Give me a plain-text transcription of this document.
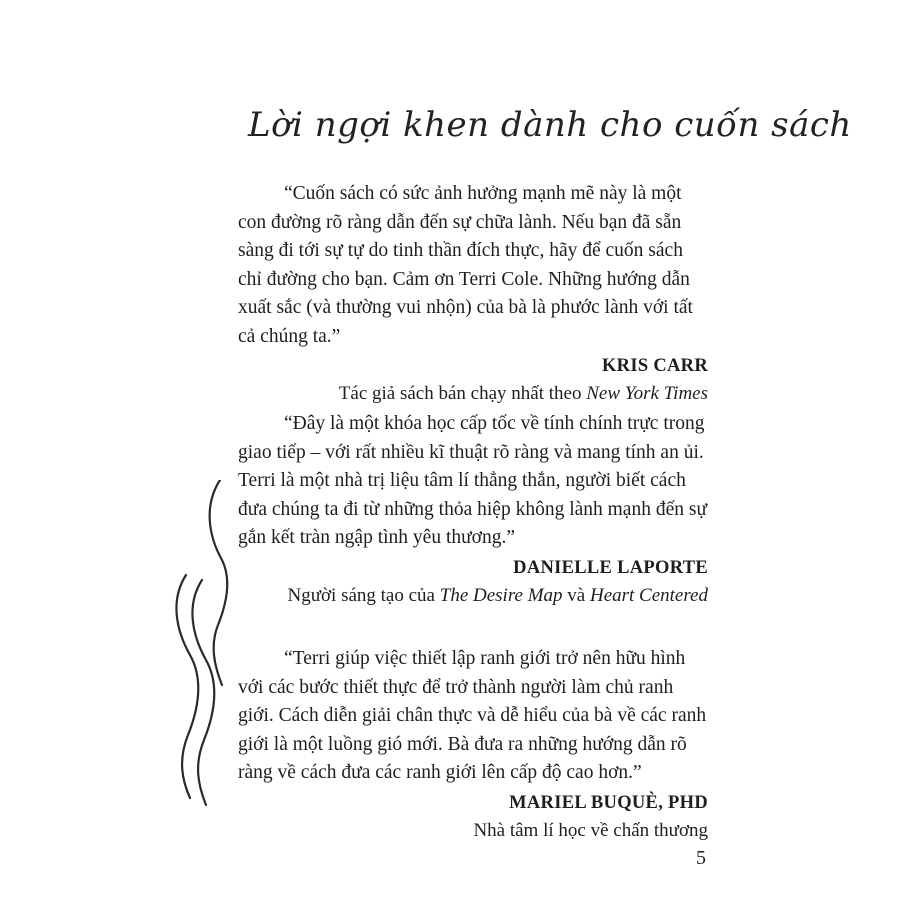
Lời ngợi khen dành cho cuốn sách

“Cuốn sách có sức ảnh hưởng mạnh mẽ này là một con đường rõ ràng dẫn đến sự chữa lành. Nếu bạn đã sẵn sàng đi tới sự tự do tinh thần đích thực, hãy để cuốn sách chỉ đường cho bạn. Cảm ơn Terri Cole. Những hướng dẫn xuất sắc (và thường vui nhộn) của bà là phước lành với tất cả chúng ta.”

KRIS CARR
Tác giả sách bán chạy nhất theo New York Times

“Đây là một khóa học cấp tốc về tính chính trực trong giao tiếp – với rất nhiều kĩ thuật rõ ràng và mang tính an ủi. Terri là một nhà trị liệu tâm lí thẳng thắn, người biết cách đưa chúng ta đi từ những thỏa hiệp không lành mạnh đến sự gắn kết tràn ngập tình yêu thương.”

DANIELLE LAPORTE
Người sáng tạo của The Desire Map và Heart Centered

“Terri giúp việc thiết lập ranh giới trở nên hữu hình với các bước thiết thực để trở thành người làm chủ ranh giới. Cách diễn giải chân thực và dễ hiểu của bà về các ranh giới là một luồng gió mới. Bà đưa ra những hướng dẫn rõ ràng về cách đưa các ranh giới lên cấp độ cao hơn.”

MARIEL BUQUÈ, PHD
Nhà tâm lí học về chấn thương
5
